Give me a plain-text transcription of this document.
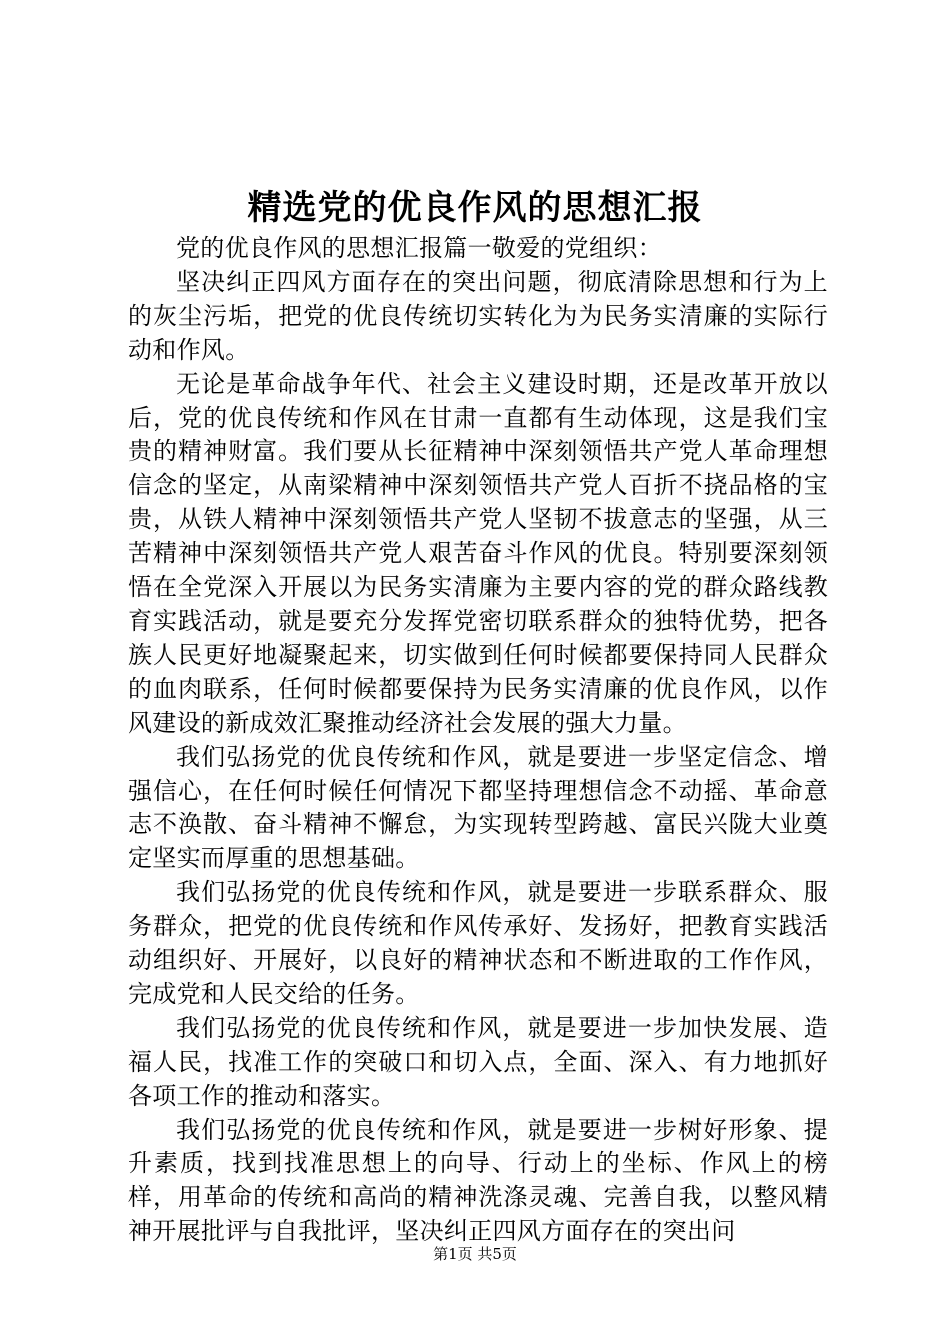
精选党的优良作风的思想汇报

党的优良作风的思想汇报篇一敬爱的党组织：

坚决纠正四风方面存在的突出问题，彻底清除思想和行为上的灰尘污垢，把党的优良传统切实转化为为民务实清廉的实际行动和作风。

无论是革命战争年代、社会主义建设时期，还是改革开放以后，党的优良传统和作风在甘肃一直都有生动体现，这是我们宝贵的精神财富。我们要从长征精神中深刻领悟共产党人革命理想信念的坚定，从南梁精神中深刻领悟共产党人百折不挠品格的宝贵，从铁人精神中深刻领悟共产党人坚韧不拔意志的坚强，从三苦精神中深刻领悟共产党人艰苦奋斗作风的优良。特别要深刻领悟在全党深入开展以为民务实清廉为主要内容的党的群众路线教育实践活动，就是要充分发挥党密切联系群众的独特优势，把各族人民更好地凝聚起来，切实做到任何时候都要保持同人民群众的血肉联系，任何时候都要保持为民务实清廉的优良作风，以作风建设的新成效汇聚推动经济社会发展的强大力量。

我们弘扬党的优良传统和作风，就是要进一步坚定信念、增强信心，在任何时候任何情况下都坚持理想信念不动摇、革命意志不涣散、奋斗精神不懈怠，为实现转型跨越、富民兴陇大业奠定坚实而厚重的思想基础。

我们弘扬党的优良传统和作风，就是要进一步联系群众、服务群众，把党的优良传统和作风传承好、发扬好，把教育实践活动组织好、开展好，以良好的精神状态和不断进取的工作作风，完成党和人民交给的任务。

我们弘扬党的优良传统和作风，就是要进一步加快发展、造福人民，找准工作的突破口和切入点，全面、深入、有力地抓好各项工作的推动和落实。

我们弘扬党的优良传统和作风，就是要进一步树好形象、提升素质，找到找准思想上的向导、行动上的坐标、作风上的榜样，用革命的传统和高尚的精神洗涤灵魂、完善自我，以整风精神开展批评与自我批评，坚决纠正四风方面存在的突出问

第1页 共5页
